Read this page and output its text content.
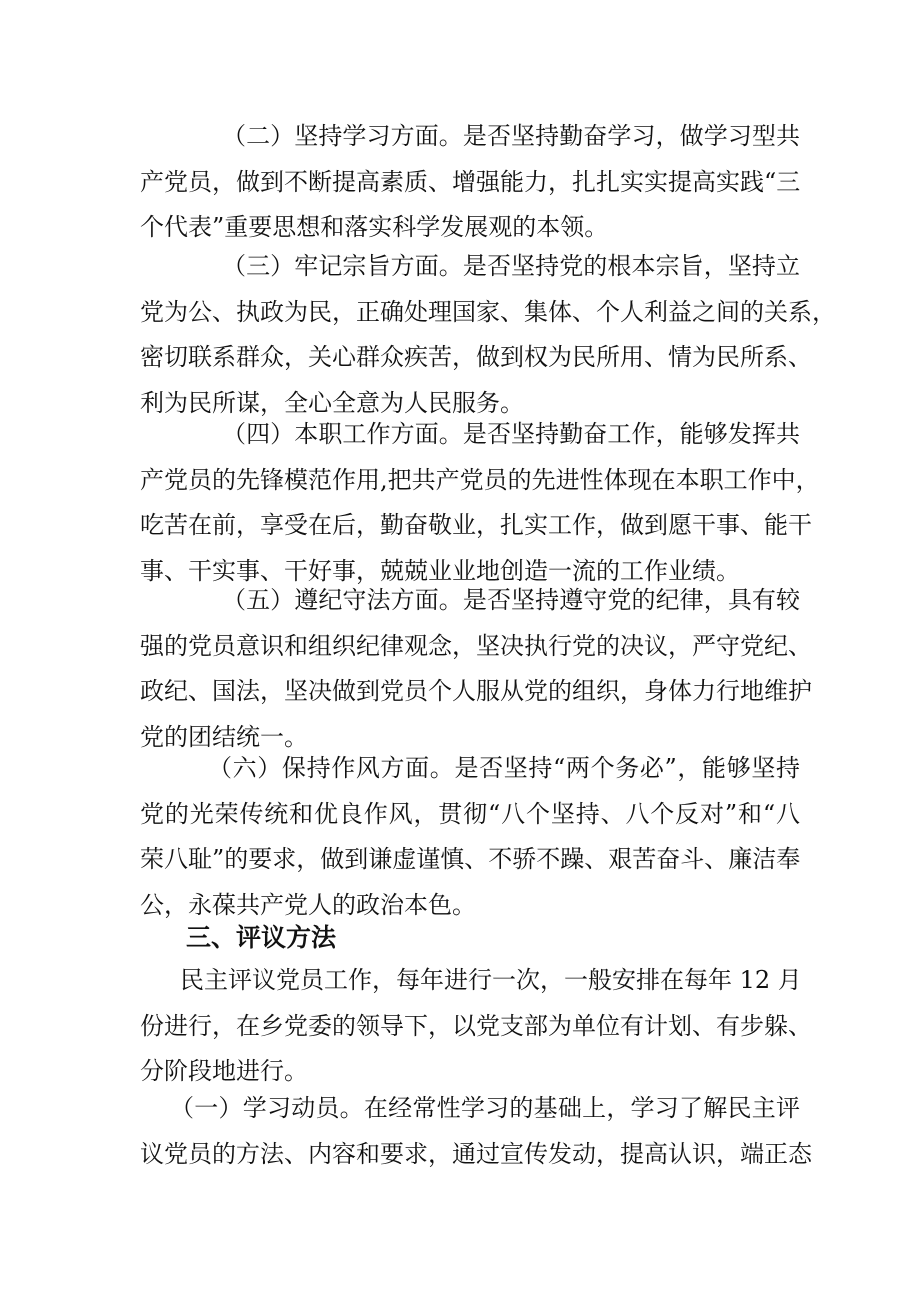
（二）坚持学习方面。是否坚持勤奋学习，做学习型共
产党员，做到不断提高素质、增强能力，扎扎实实提高实践“三
个代表”重要思想和落实科学发展观的本领。
（三）牢记宗旨方面。是否坚持党的根本宗旨，坚持立
党为公、执政为民，正确处理国家、集体、个人利益之间的关系，
密切联系群众，关心群众疾苦，做到权为民所用、情为民所系、
利为民所谋，全心全意为人民服务。
（四）本职工作方面。是否坚持勤奋工作，能够发挥共
产党员的先锋模范作用,把共产党员的先进性体现在本职工作中，
吃苦在前，享受在后，勤奋敬业，扎实工作，做到愿干事、能干
事、干实事、干好事，兢兢业业地创造一流的工作业绩。
（五）遵纪守法方面。是否坚持遵守党的纪律，具有较
强的党员意识和组织纪律观念，坚决执行党的决议，严守党纪、
政纪、国法，坚决做到党员个人服从党的组织，身体力行地维护
党的团结统一。
（六）保持作风方面。是否坚持“两个务必”，能够坚持
党的光荣传统和优良作风，贯彻“八个坚持、八个反对”和“八
荣八耻”的要求，做到谦虚谨慎、不骄不躁、艰苦奋斗、廉洁奉
公，永葆共产党人的政治本色。
三、评议方法
民主评议党员工作，每年进行一次，一般安排在每年 12 月
份进行，在乡党委的领导下，以党支部为单位有计划、有步躲、
分阶段地进行。
（一）学习动员。在经常性学习的基础上，学习了解民主评
议党员的方法、内容和要求，通过宣传发动，提高认识，端正态
